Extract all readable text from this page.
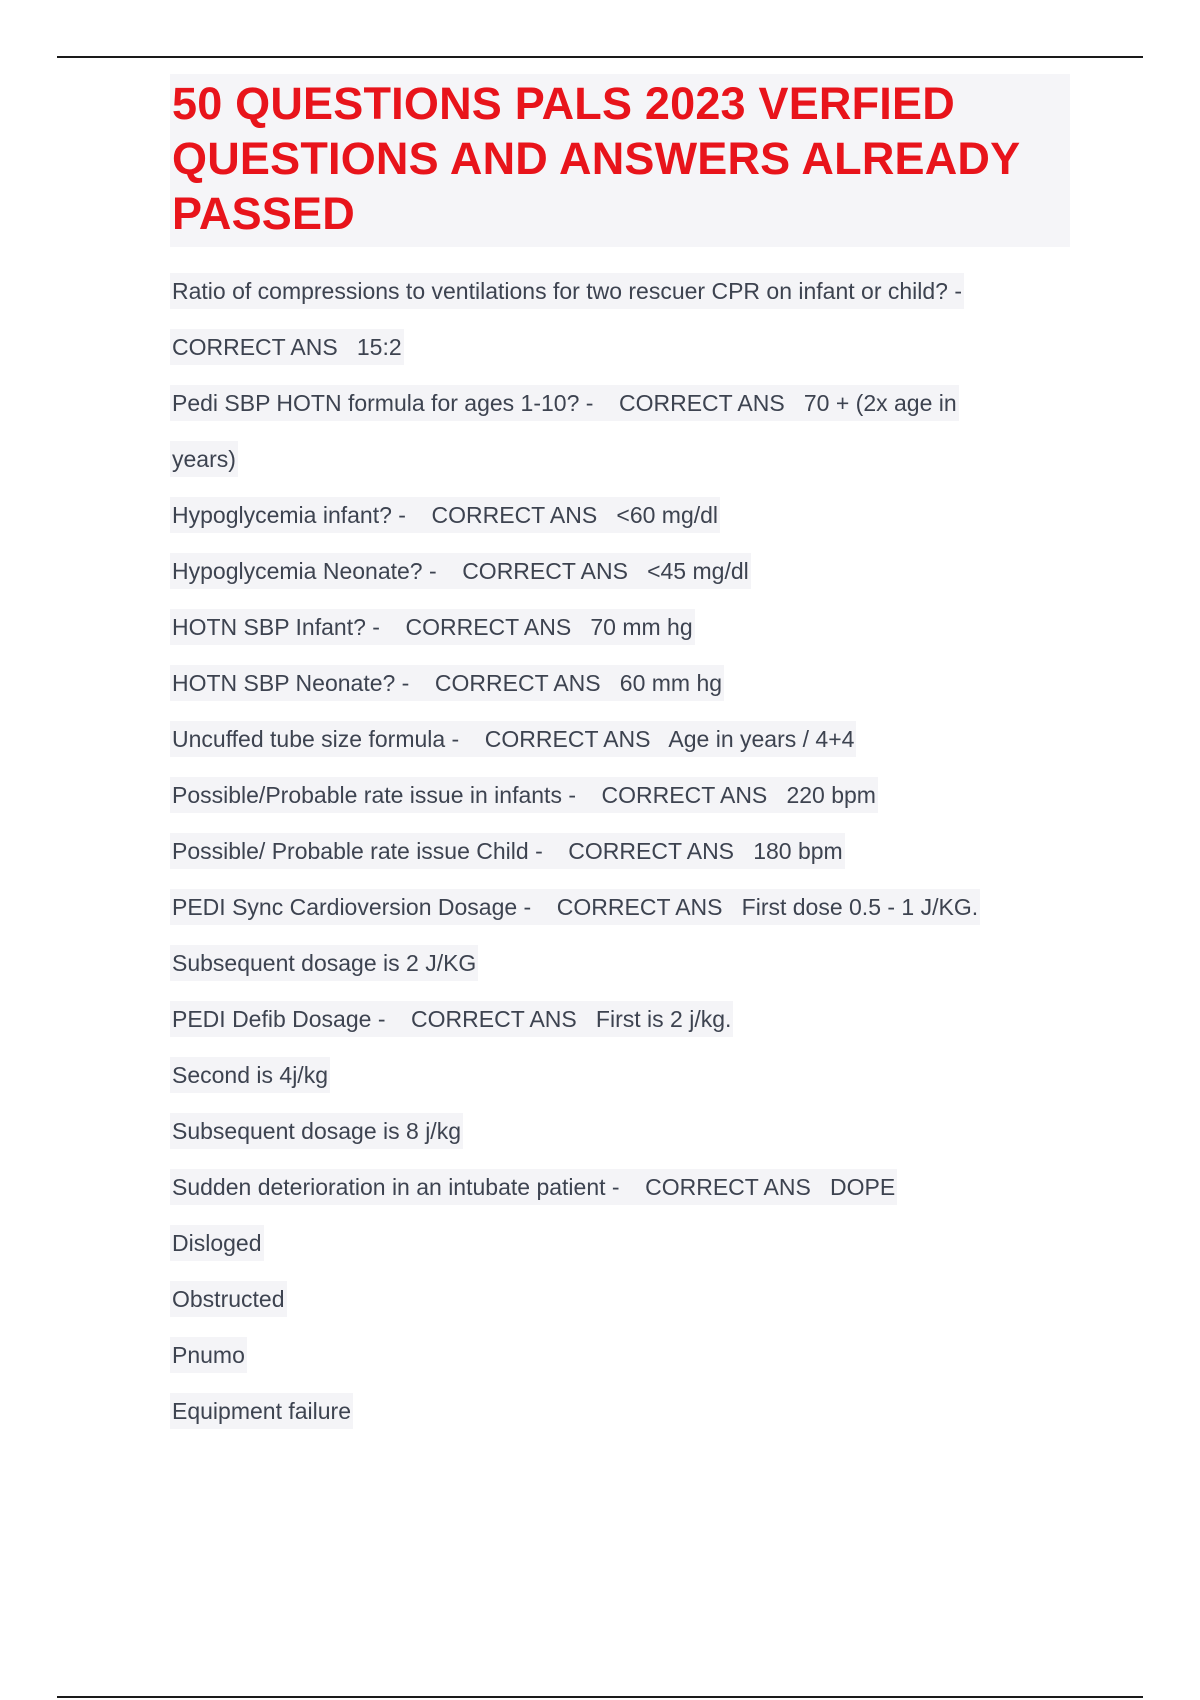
50 QUESTIONS PALS 2023 VERFIED QUESTIONS AND ANSWERS ALREADY PASSED
Ratio of compressions to ventilations for two rescuer CPR on infant or child? -
CORRECT ANS   15:2
Pedi SBP HOTN formula for ages 1-10? -    CORRECT ANS   70 + (2x age in
years)
Hypoglycemia infant? -    CORRECT ANS   <60 mg/dl
Hypoglycemia Neonate? -    CORRECT ANS   <45 mg/dl
HOTN SBP Infant? -    CORRECT ANS   70 mm hg
HOTN SBP Neonate? -    CORRECT ANS   60 mm hg
Uncuffed tube size formula -    CORRECT ANS   Age in years / 4+4
Possible/Probable rate issue in infants -    CORRECT ANS   220 bpm
Possible/ Probable rate issue Child -    CORRECT ANS   180 bpm
PEDI Sync Cardioversion Dosage -    CORRECT ANS   First dose 0.5 - 1 J/KG.
Subsequent dosage is 2 J/KG
PEDI Defib Dosage -    CORRECT ANS   First is 2 j/kg.
Second is 4j/kg
Subsequent dosage is 8 j/kg
Sudden deterioration in an intubate patient -    CORRECT ANS   DOPE
Disloged
Obstructed
Pnumo
Equipment failure
